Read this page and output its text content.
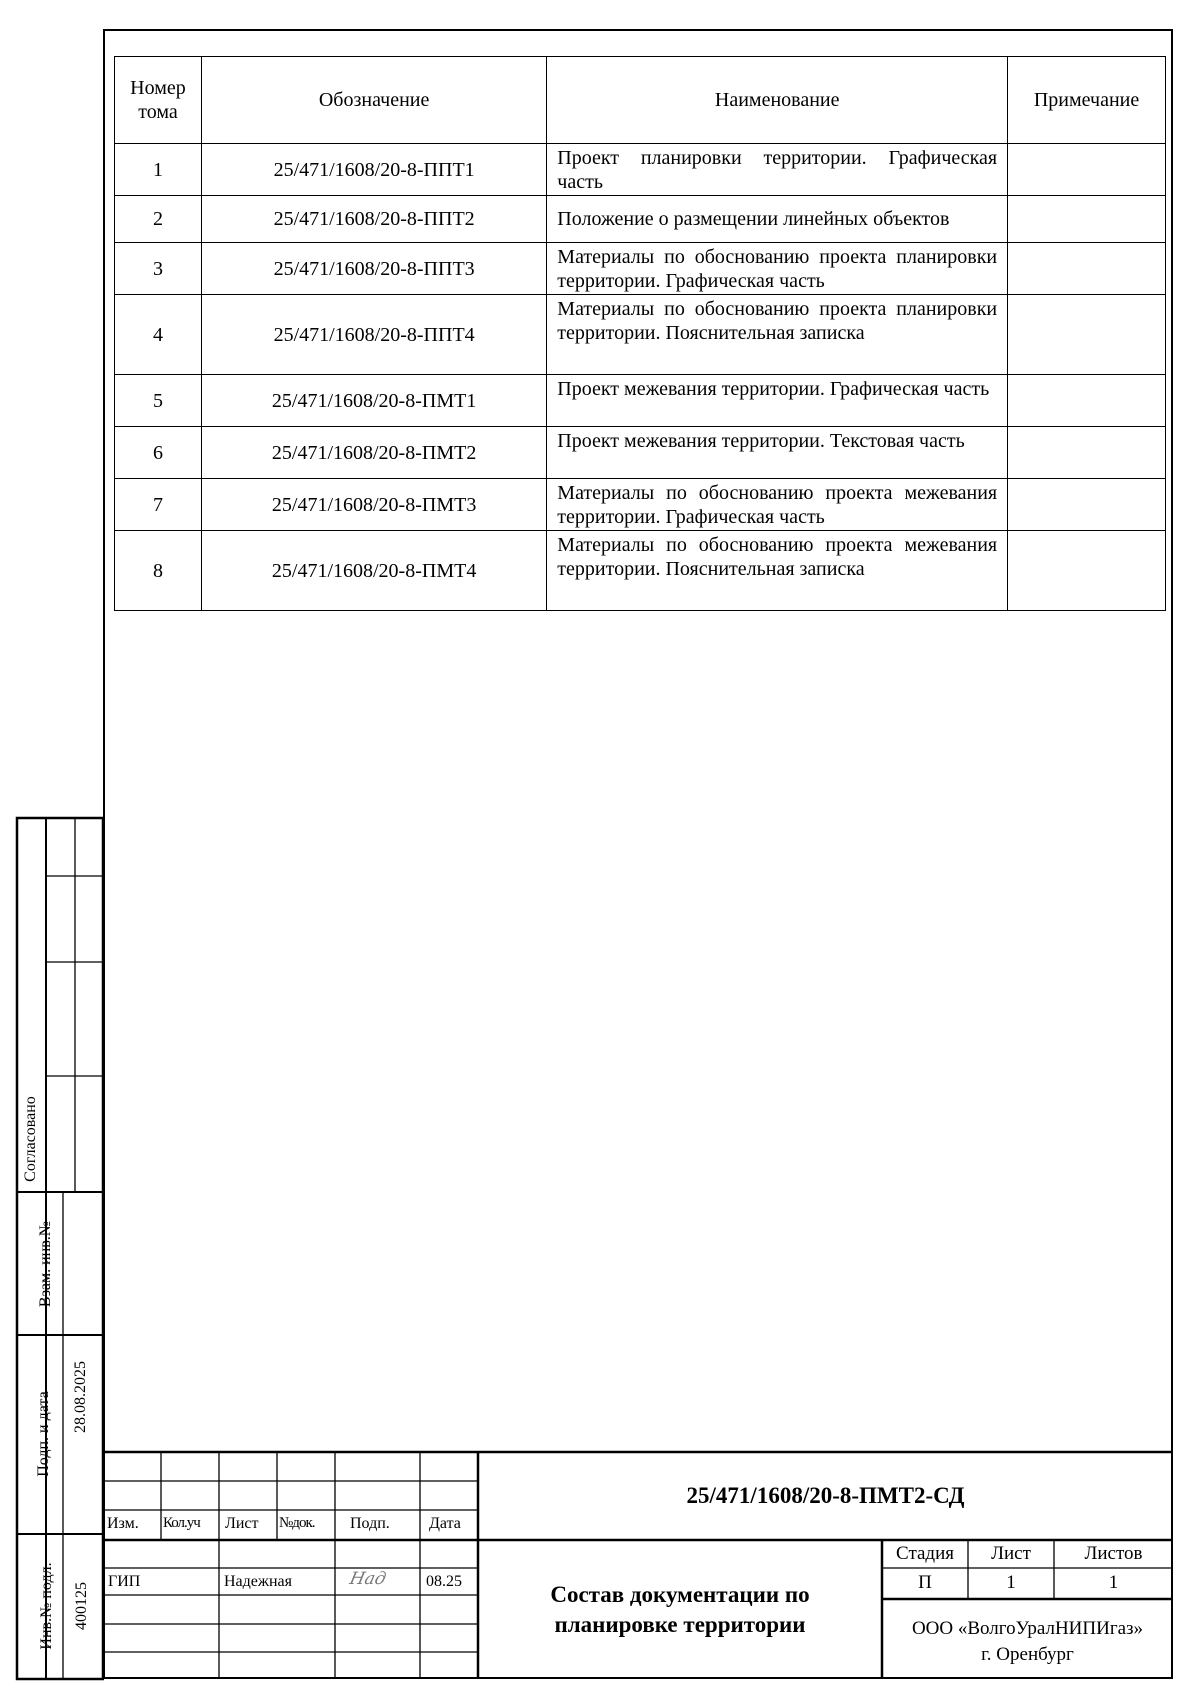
Номер тома	Обозначение	Наименование	Примечание
1	25/471/1608/20-8-ППТ1	Проект планировки территории. Графическая часть	
2	25/471/1608/20-8-ППТ2	Положение о размещении линейных объектов	
3	25/471/1608/20-8-ППТ3	Материалы по обоснованию проекта планировки территории. Графическая часть	
4	25/471/1608/20-8-ППТ4	Материалы по обоснованию проекта планировки территории. Пояснительная записка	
5	25/471/1608/20-8-ПМТ1	Проект межевания территории. Графическая часть	
6	25/471/1608/20-8-ПМТ2	Проект межевания территории. Текстовая часть	
7	25/471/1608/20-8-ПМТ3	Материалы по обоснованию проекта межевания территории. Графическая часть	
8	25/471/1608/20-8-ПМТ4	Материалы по обоснованию проекта межевания территории. Пояснительная записка	
Согласовано
Взам. инв.№
Подп. и дата 28.08.2025
Инв.№ подл. 400125
Изм. Кол.уч Лист №док. Подп. Дата
ГИП	Надежная	Над 08.25
25/471/1608/20-8-ПМТ2-СД
Состав документации по
планировке территории
Стадия	Лист	Листов
П	1	1
ООО «ВолгоУралНИПИгаз»
г. Оренбург
